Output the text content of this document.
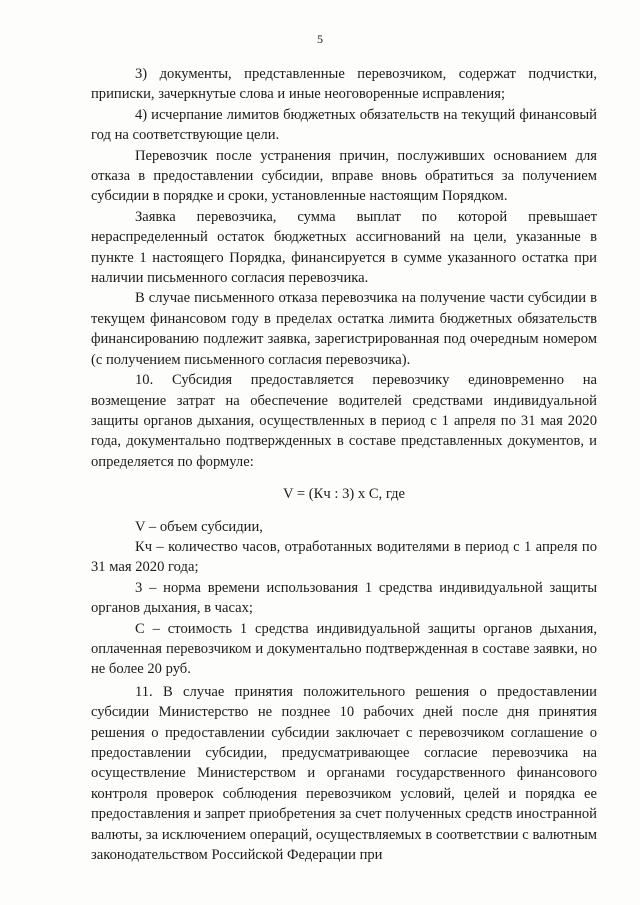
5

3) документы, представленные перевозчиком, содержат подчистки, приписки, зачеркнутые слова и иные неоговоренные исправления;

4) исчерпание лимитов бюджетных обязательств на текущий финансовый год на соответствующие цели.

Перевозчик после устранения причин, послуживших основанием для отказа в предоставлении субсидии, вправе вновь обратиться за получением субсидии в порядке и сроки, установленные настоящим Порядком.

Заявка перевозчика, сумма выплат по которой превышает нераспределенный остаток бюджетных ассигнований на цели, указанные в пункте 1 настоящего Порядка, финансируется в сумме указанного остатка при наличии письменного согласия перевозчика.

В случае письменного отказа перевозчика на получение части субсидии в текущем финансовом году в пределах остатка лимита бюджетных обязательств финансированию подлежит заявка, зарегистрированная под очередным номером (с получением письменного согласия перевозчика).

10. Субсидия предоставляется перевозчику единовременно на возмещение затрат на обеспечение водителей средствами индивидуальной защиты органов дыхания, осуществленных в период с 1 апреля по 31 мая 2020 года, документально подтвержденных в составе представленных документов, и определяется по формуле:

V = (Кч : 3) х С, где

V – объем субсидии,

Кч – количество часов, отработанных водителями в период с 1 апреля по 31 мая 2020 года;

3 – норма времени использования 1 средства индивидуальной защиты органов дыхания, в часах;

С – стоимость 1 средства индивидуальной защиты органов дыхания, оплаченная перевозчиком и документально подтвержденная в составе заявки, но не более 20 руб.

11. В случае принятия положительного решения о предоставлении субсидии Министерство не позднее 10 рабочих дней после дня принятия решения о предоставлении субсидии заключает с перевозчиком соглашение о предоставлении субсидии, предусматривающее согласие перевозчика на осуществление Министерством и органами государственного финансового контроля проверок соблюдения перевозчиком условий, целей и порядка ее предоставления и запрет приобретения за счет полученных средств иностранной валюты, за исключением операций, осуществляемых в соответствии с валютным законодательством Российской Федерации при
